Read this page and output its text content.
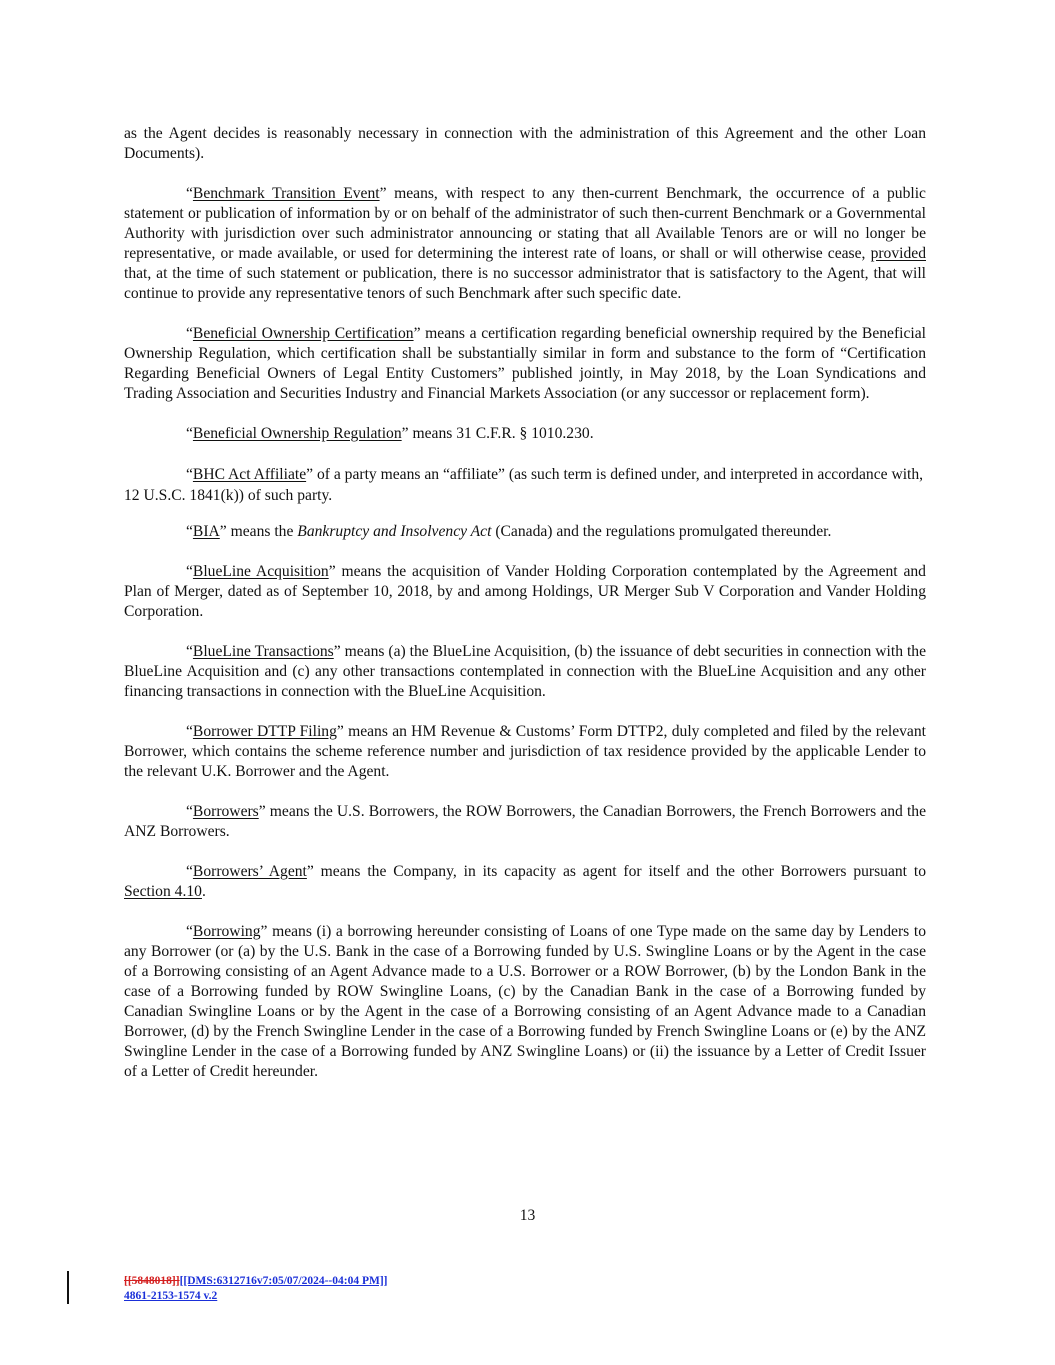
as the Agent decides is reasonably necessary in connection with the administration of this Agreement and the other Loan Documents).

“Benchmark Transition Event” means, with respect to any then-current Benchmark, the occurrence of a public statement or publication of information by or on behalf of the administrator of such then-current Benchmark or a Governmental Authority with jurisdiction over such administrator announcing or stating that all Available Tenors are or will no longer be representative, or made available, or used for determining the interest rate of loans, or shall or will otherwise cease, provided that, at the time of such statement or publication, there is no successor administrator that is satisfactory to the Agent, that will continue to provide any representative tenors of such Benchmark after such specific date.

“Beneficial Ownership Certification” means a certification regarding beneficial ownership required by the Beneficial Ownership Regulation, which certification shall be substantially similar in form and substance to the form of “Certification Regarding Beneficial Owners of Legal Entity Customers” published jointly, in May 2018, by the Loan Syndications and Trading Association and Securities Industry and Financial Markets Association (or any successor or replacement form).

“Beneficial Ownership Regulation” means 31 C.F.R. § 1010.230.

“BHC Act Affiliate” of a party means an “affiliate” (as such term is defined under, and interpreted in accordance with, 12 U.S.C. 1841(k)) of such party.

“BIA” means the Bankruptcy and Insolvency Act (Canada) and the regulations promulgated thereunder.

“BlueLine Acquisition” means the acquisition of Vander Holding Corporation contemplated by the Agreement and Plan of Merger, dated as of September 10, 2018, by and among Holdings, UR Merger Sub V Corporation and Vander Holding Corporation.

“BlueLine Transactions” means (a) the BlueLine Acquisition, (b) the issuance of debt securities in connection with the BlueLine Acquisition and (c) any other transactions contemplated in connection with the BlueLine Acquisition and any other financing transactions in connection with the BlueLine Acquisition.

“Borrower DTTP Filing” means an HM Revenue & Customs’ Form DTTP2, duly completed and filed by the relevant Borrower, which contains the scheme reference number and jurisdiction of tax residence provided by the applicable Lender to the relevant U.K. Borrower and the Agent.

“Borrowers” means the U.S. Borrowers, the ROW Borrowers, the Canadian Borrowers, the French Borrowers and the ANZ Borrowers.

“Borrowers’ Agent” means the Company, in its capacity as agent for itself and the other Borrowers pursuant to Section 4.10.

“Borrowing” means (i) a borrowing hereunder consisting of Loans of one Type made on the same day by Lenders to any Borrower (or (a) by the U.S. Bank in the case of a Borrowing funded by U.S. Swingline Loans or by the Agent in the case of a Borrowing consisting of an Agent Advance made to a U.S. Borrower or a ROW Borrower, (b) by the London Bank in the case of a Borrowing funded by ROW Swingline Loans, (c) by the Canadian Bank in the case of a Borrowing funded by Canadian Swingline Loans or by the Agent in the case of a Borrowing consisting of an Agent Advance made to a Canadian Borrower, (d) by the French Swingline Lender in the case of a Borrowing funded by French Swingline Loans or (e) by the ANZ Swingline Lender in the case of a Borrowing funded by ANZ Swingline Loans) or (ii) the issuance by a Letter of Credit Issuer of a Letter of Credit hereunder.

13
[[5848018]][[DMS:6312716v7:05/07/2024--04:04 PM]]
4861-2153-1574 v.2
